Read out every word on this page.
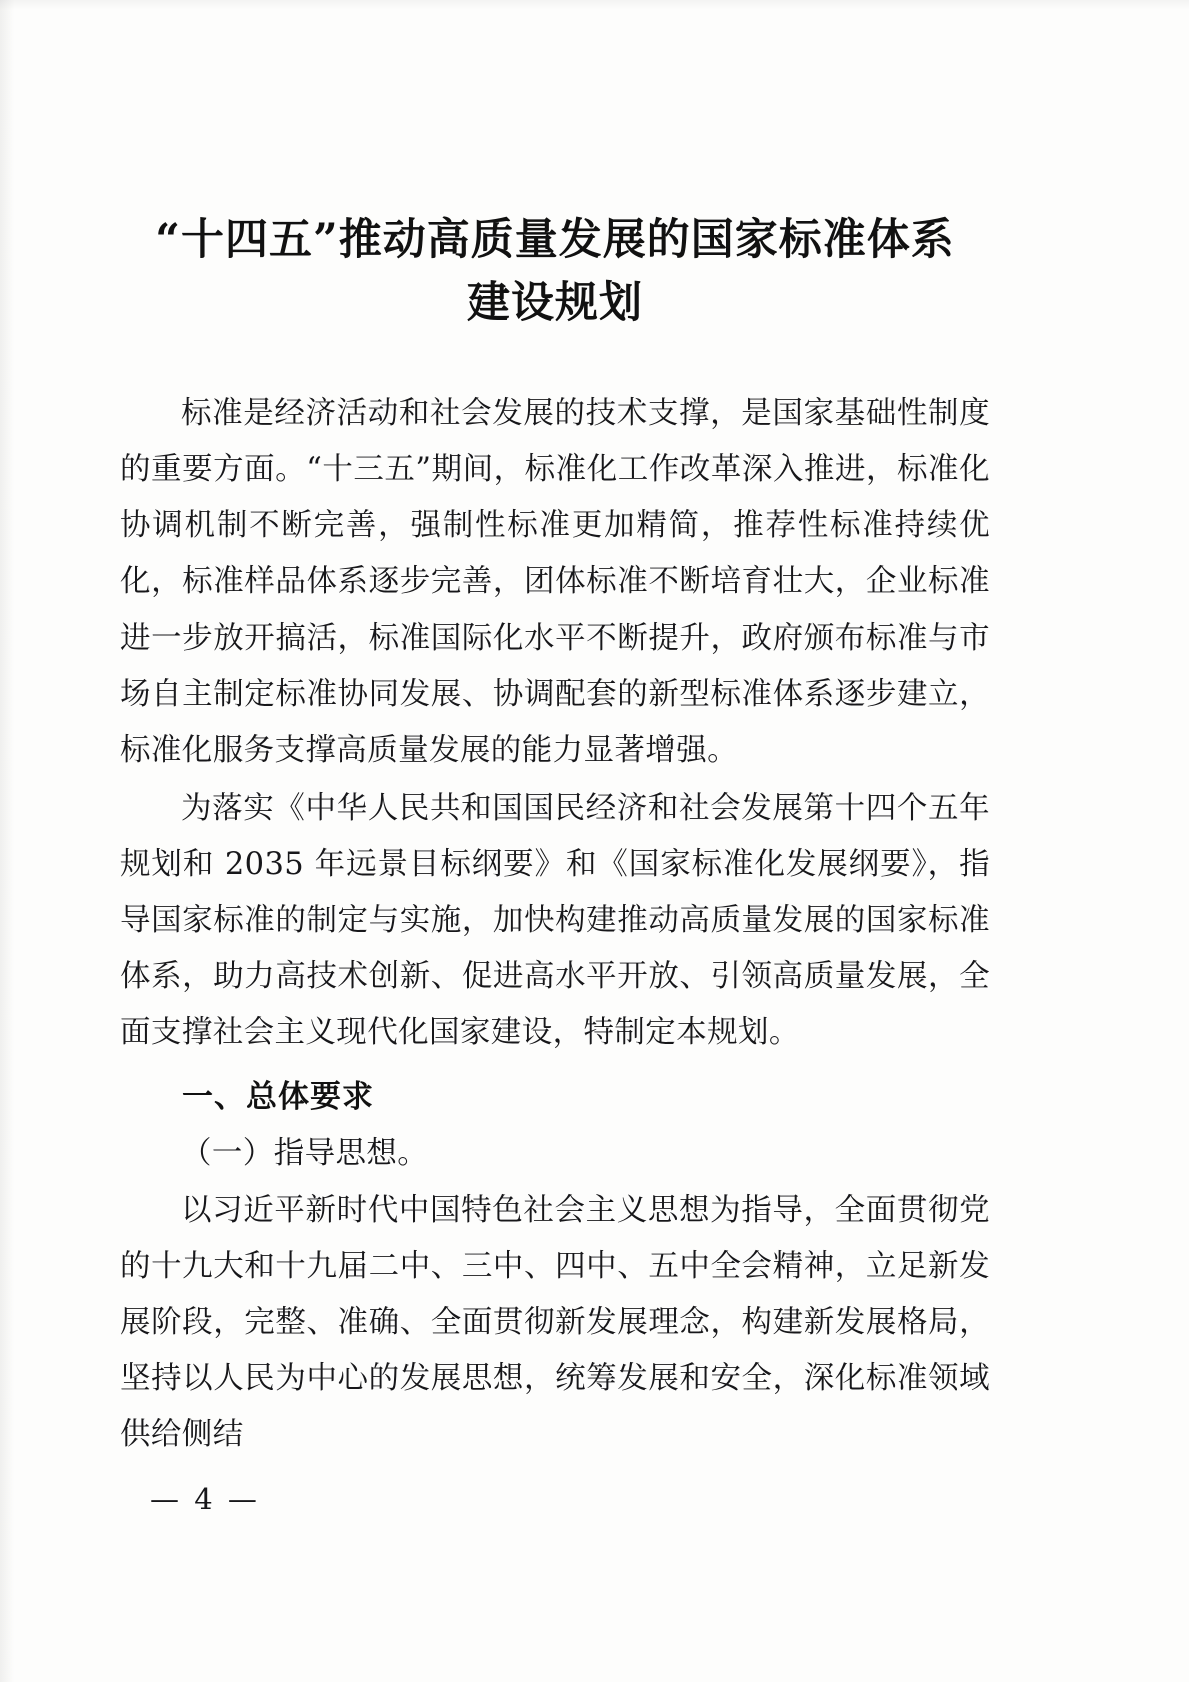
“十四五”推动高质量发展的国家标准体系
建设规划

标准是经济活动和社会发展的技术支撑，是国家基础性制度的重要方面。“十三五”期间，标准化工作改革深入推进，标准化协调机制不断完善，强制性标准更加精简，推荐性标准持续优化，标准样品体系逐步完善，团体标准不断培育壮大，企业标准进一步放开搞活，标准国际化水平不断提升，政府颁布标准与市场自主制定标准协同发展、协调配套的新型标准体系逐步建立，标准化服务支撑高质量发展的能力显著增强。

为落实《中华人民共和国国民经济和社会发展第十四个五年规划和 2035 年远景目标纲要》和《国家标准化发展纲要》，指导国家标准的制定与实施，加快构建推动高质量发展的国家标准体系，助力高技术创新、促进高水平开放、引领高质量发展，全面支撑社会主义现代化国家建设，特制定本规划。

一、总体要求

（一）指导思想。

以习近平新时代中国特色社会主义思想为指导，全面贯彻党的十九大和十九届二中、三中、四中、五中全会精神，立足新发展阶段，完整、准确、全面贯彻新发展理念，构建新发展格局，坚持以人民为中心的发展思想，统筹发展和安全，深化标准领域供给侧结

— 4 —
